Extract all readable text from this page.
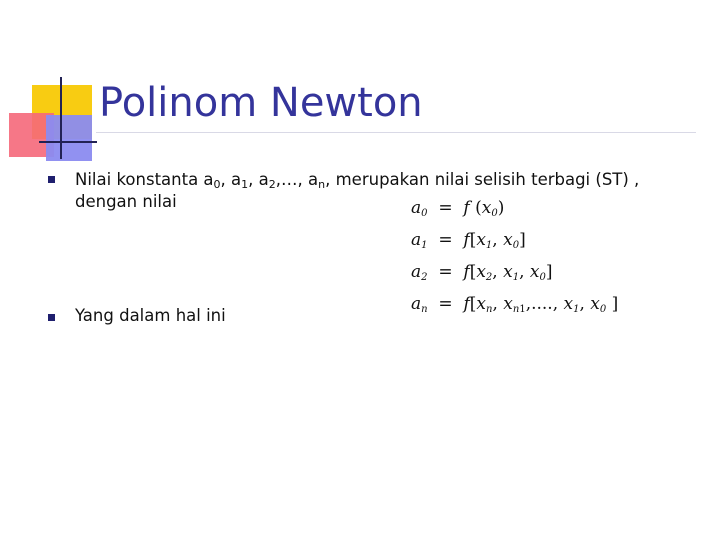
Polinom Newton
Nilai konstanta $a_0$, $a_1$, $a_2,\dots$, $a_n$, merupakan nilai selisih terbagi (ST) ,
dengan nilai
Yang dalam hal ini
$a_0 = f$ $(x_0)$
$a_1 = f[x_1$, $x_0$]
$a_2 = f[x_2$, $x_1$, $x_0$]
$a_n = f[x_n$, $x_{n1}$,...., $x_1$, $x_0$ ]
